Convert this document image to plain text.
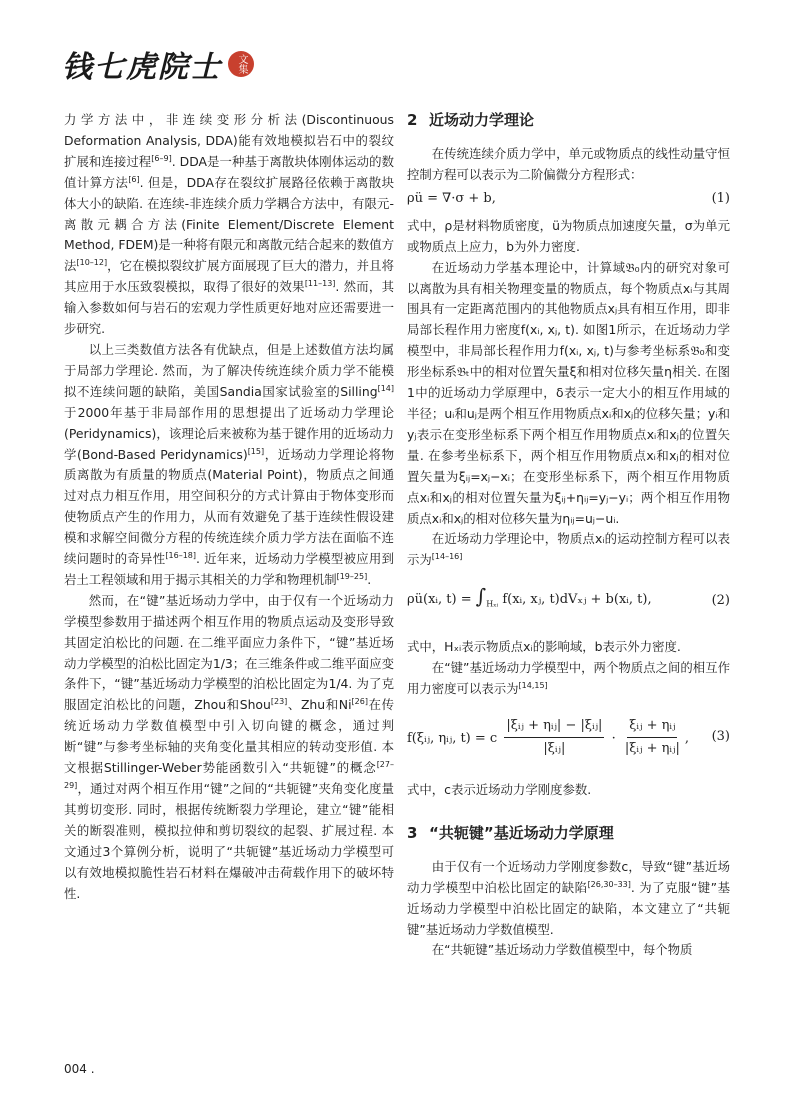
钱七虎院士	文集

力学方法中，非连续变形分析法(Discontinuous Deformation Analysis, DDA)能有效地模拟岩石中的裂纹扩展和连接过程[6–9]. DDA是一种基于离散块体刚体运动的数值计算方法[6]. 但是，DDA存在裂纹扩展路径依赖于离散块体大小的缺陷. 在连续-非连续介质力学耦合方法中，有限元-离散元耦合方法(Finite Element/Discrete Element Method, FDEM)是一种将有限元和离散元结合起来的数值方法[10–12]，它在模拟裂纹扩展方面展现了巨大的潜力，并且将其应用于水压致裂模拟，取得了很好的效果[11–13]. 然而，其输入参数如何与岩石的宏观力学性质更好地对应还需要进一步研究.

以上三类数值方法各有优缺点，但是上述数值方法均属于局部力学理论. 然而，为了解决传统连续介质力学不能模拟不连续问题的缺陷，美国Sandia国家试验室的Silling[14]于2000年基于非局部作用的思想提出了近场动力学理论(Peridynamics)，该理论后来被称为基于键作用的近场动力学(Bond-Based Peridynamics)[15]，近场动力学理论将物质离散为有质量的物质点(Material Point)，物质点之间通过对点力相互作用，用空间积分的方式计算由于物体变形而使物质点产生的作用力，从而有效避免了基于连续性假设建模和求解空间微分方程的传统连续介质力学方法在面临不连续问题时的奇异性[16–18]. 近年来，近场动力学模型被应用到岩土工程领域和用于揭示其相关的力学和物理机制[19–25].

然而，在“键”基近场动力学中，由于仅有一个近场动力学模型参数用于描述两个相互作用的物质点运动及变形导致其固定泊松比的问题. 在二维平面应力条件下，“键”基近场动力学模型的泊松比固定为1/3；在三维条件或二维平面应变条件下，“键”基近场动力学模型的泊松比固定为1/4. 为了克服固定泊松比的问题，Zhou和Shou[23]、Zhu和Ni[26]在传统近场动力学数值模型中引入切向键的概念，通过判断“键”与参考坐标轴的夹角变化量其相应的转动变形值. 本文根据Stillinger-Weber势能函数引入“共轭键”的概念[27–29]，通过对两个相互作用“键”之间的“共轭键”夹角变化度量其剪切变形. 同时，根据传统断裂力学理论，建立“键”能相关的断裂准则，模拟拉伸和剪切裂纹的起裂、扩展过程. 本文通过3个算例分析，说明了“共轭键”基近场动力学模型可以有效地模拟脆性岩石材料在爆破冲击荷载作用下的破坏特性.

2 近场动力学理论

在传统连续介质力学中，单元或物质点的线性动量守恒控制方程可以表示为二阶偏微分方程形式：

ρü = ∇·σ + b,	(1)

式中，ρ是材料物质密度，ü为物质点加速度矢量，σ为单元或物质点上应力，b为外力密度.

在近场动力学基本理论中，计算域𝔅₀内的研究对象可以离散为具有相关物理变量的物质点，每个物质点xᵢ与其周围具有一定距离范围内的其他物质点xⱼ具有相互作用，即非局部长程作用力密度f(xᵢ, xⱼ, t). 如图1所示，在近场动力学模型中，非局部长程作用力f(xᵢ, xⱼ, t)与参考坐标系𝔅₀和变形坐标系𝔅ₜ中的相对位置矢量ξ和相对位移矢量η相关. 在图1中的近场动力学原理中，δ表示一定大小的相互作用域的半径；uᵢ和uⱼ是两个相互作用物质点xᵢ和xⱼ的位移矢量；yᵢ和yⱼ表示在变形坐标系下两个相互作用物质点xᵢ和xⱼ的位置矢量. 在参考坐标系下，两个相互作用物质点xᵢ和xⱼ的相对位置矢量为ξᵢⱼ=xⱼ−xᵢ；在变形坐标系下，两个相互作用物质点xᵢ和xⱼ的相对位置矢量为ξᵢⱼ+ηᵢⱼ=yⱼ−yᵢ；两个相互作用物质点xᵢ和xⱼ的相对位移矢量为ηᵢⱼ=uⱼ−uᵢ.

在近场动力学理论中，物质点xᵢ的运动控制方程可以表示为[14–16]

ρü(xᵢ, $t) = \int_{H_xᵢ}$ f(xᵢ, xⱼ, t)dVₓⱼ + b(xᵢ, t),	(2)

式中，Hₓᵢ表示物质点xᵢ的影响域，b表示外力密度.

在“键”基近场动力学模型中，两个物质点之间的相互作用力密度可以表示为[14,15]

f(ξᵢⱼ, ηᵢⱼ, t) = c $\frac{\text{|ξᵢⱼ + ηᵢⱼ| − |ξᵢⱼ|}}{\text{|ξᵢⱼ|}} \cdot \frac{\text{ξᵢⱼ + ηᵢⱼ}}{\text{|ξᵢⱼ + ηᵢⱼ|}}$ , (3)

式中，c表示近场动力学刚度参数.

3 “共轭键”基近场动力学原理

由于仅有一个近场动力学刚度参数c，导致“键”基近场动力学模型中泊松比固定的缺陷[26,30–33]. 为了克服“键”基近场动力学模型中泊松比固定的缺陷，本文建立了“共轭键”基近场动力学数值模型.

在“共轭键”基近场动力学数值模型中，每个物质

004 .
